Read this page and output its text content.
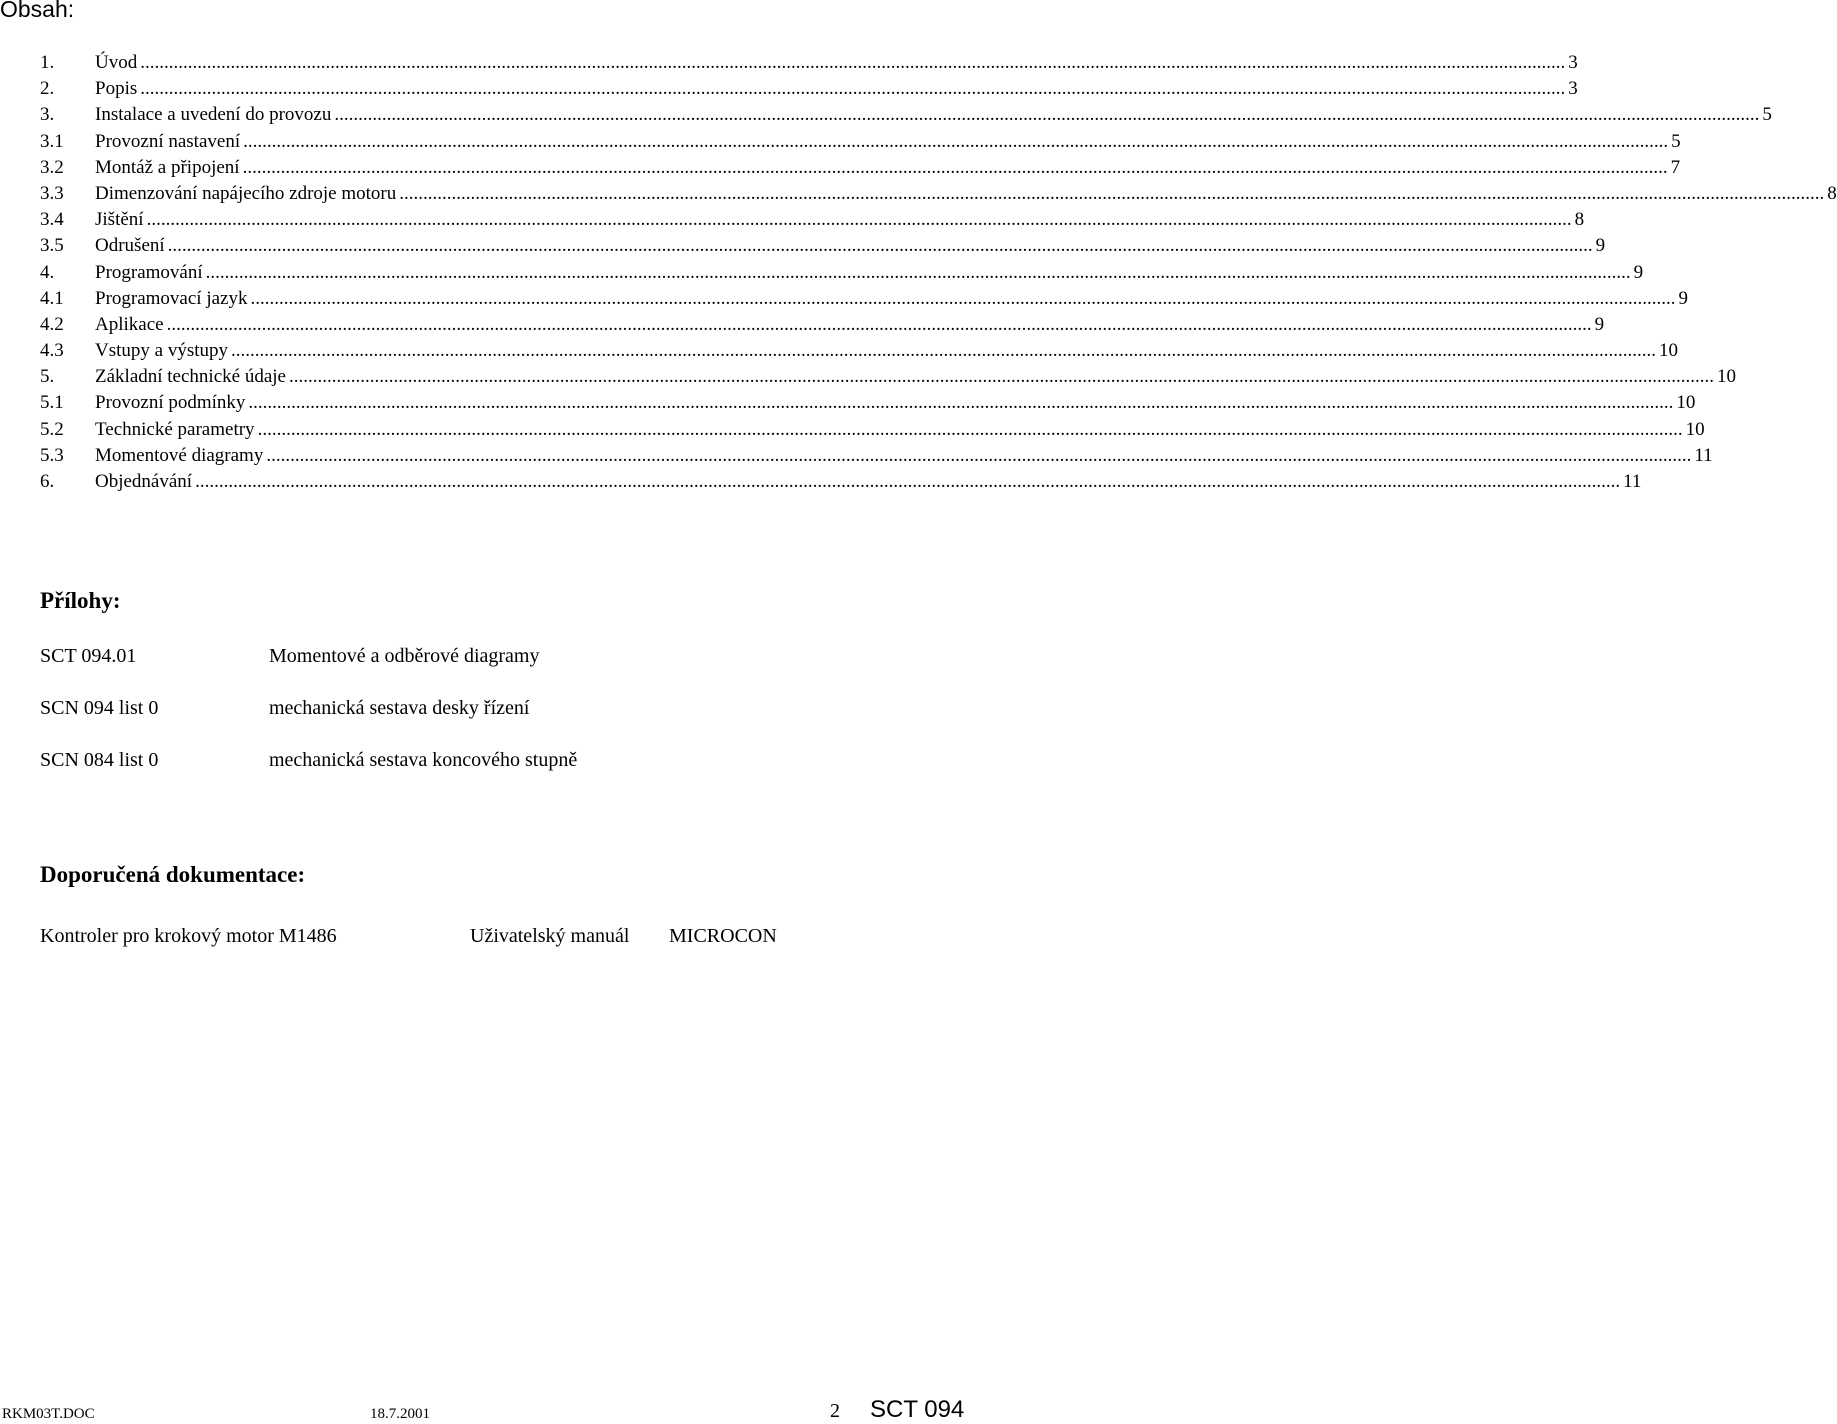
Obsah:
1.	Úvod ............................................................................................................................................................................................................................................................................................................ 3
2.	Popis ............................................................................................................................................................................................................................................................................................................ 3
3.	Instalace a uvedení do provozu ............................................................................................................................................................................................................................................................................................................ 5
3.1	Provozní nastavení ............................................................................................................................................................................................................................................................................................................ 5
3.2	Montáž a připojení ............................................................................................................................................................................................................................................................................................................ 7
3.3	Dimenzování napájecího zdroje motoru ............................................................................................................................................................................................................................................................................................................ 8
3.4	Jištění ............................................................................................................................................................................................................................................................................................................ 8
3.5	Odrušení ............................................................................................................................................................................................................................................................................................................ 9
4.	Programování ............................................................................................................................................................................................................................................................................................................ 9
4.1	Programovací jazyk ............................................................................................................................................................................................................................................................................................................ 9
4.2	Aplikace ............................................................................................................................................................................................................................................................................................................ 9
4.3	Vstupy a výstupy ............................................................................................................................................................................................................................................................................................................ 10
5.	Základní technické údaje ............................................................................................................................................................................................................................................................................................................ 10
5.1	Provozní podmínky ............................................................................................................................................................................................................................................................................................................ 10
5.2	Technické parametry ............................................................................................................................................................................................................................................................................................................ 10
5.3	Momentové diagramy ............................................................................................................................................................................................................................................................................................................ 11
6.	Objednávání ............................................................................................................................................................................................................................................................................................................ 11
Přílohy:
SCT 094.01	Momentové a odběrové diagramy
SCN 094 list 0	mechanická sestava desky řízení
SCN 084 list 0	mechanická sestava koncového stupně
Doporučená dokumentace:
Kontroler pro krokový motor M1486	Uživatelský manuál MICROCON
RKM03T.DOC	18.7.2001	2 SCT 094
